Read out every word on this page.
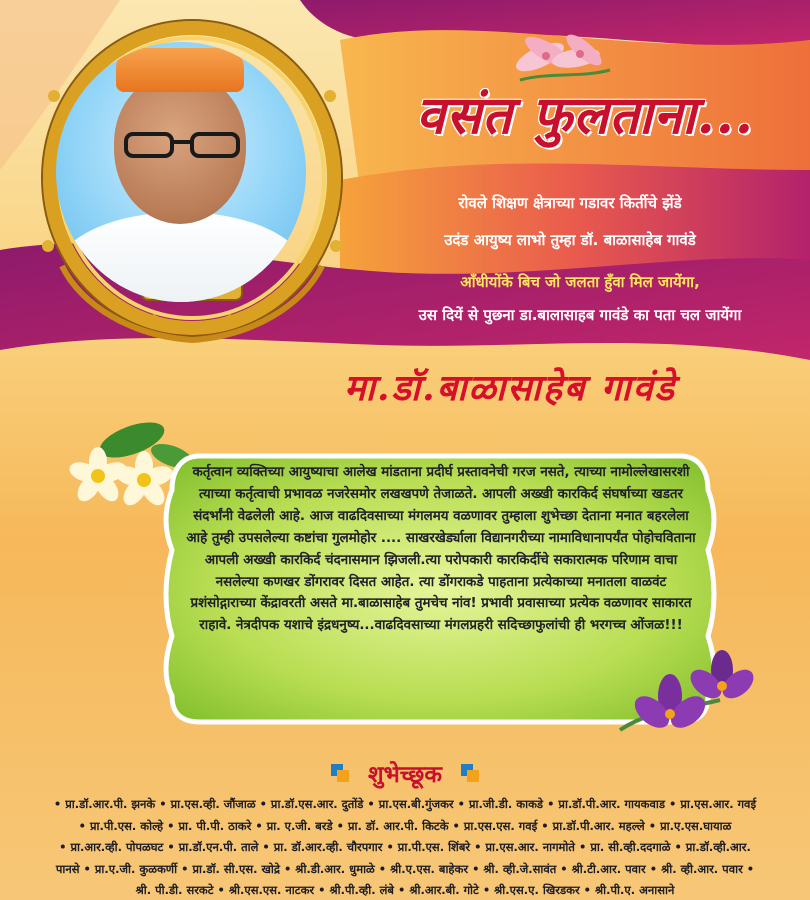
वसंत फुलताना...
रोवले शिक्षण क्षेत्राच्या गडावर किर्तीचे झेंडे
उदंड आयुष्य लाभो तुम्हा डॉ. बाळासाहेब गावंडे
आँधीयोंके बिच जो जलता हुँवा मिल जायेंगा,
उस दियें से पुछना डा.बालासाहब गावंडे का पता चल जायेंगा
मा.डॉ.बाळासाहेब गावंडे
कर्तृत्वान व्यक्तिच्या आयुष्याचा आलेख मांडताना प्रदीर्घ प्रस्तावनेची गरज नसते, त्याच्या नामोल्लेखासरशी त्याच्या कर्तृत्वाची प्रभावळ नजरेसमोर लखखपणे तेजाळते. आपली अख्खी कारकिर्द संघर्षाच्या खडतर संदर्भांनी वेढलेली आहे. आज वाढदिवसाच्या मंगलमय वळणावर तुम्हाला शुभेच्छा देताना मनात बहरलेला आहे तुम्ही उपसलेल्या कष्टांचा गुलमोहोर .... साखरखेर्ड्याला विद्यानगरीच्या नामाविधानापर्यंत पोहोचविताना आपली अख्खी कारकिर्द चंदनासमान झिजली.त्या परोपकारी कारकिर्दीचे सकारात्मक परिणाम वाचा नसलेल्या कणखर डोंगरावर दिसत आहेत. त्या डोंगराकडे पाहताना प्रत्येकाच्या मनातला वाळवंट प्रशंसोद्गाराच्या केंद्रावरती असते मा.बाळासाहेब तुमचेच नांव! प्रभावी प्रवासाच्या प्रत्येक वळणावर साकारत राहावे. नेत्रदीपक यशाचे इंद्रधनुष्य...वाढदिवसाच्या मंगलप्रहरी सदिच्छाफुलांची ही भरगच्च ओंजळ!!!
शुभेच्छूक
• प्रा.डॉ.आर.पी. झनके • प्रा.एस.व्ही. जौंजाळ • प्रा.डॉ.एस.आर. दुतोंडे • प्रा.एस.बी.गुंजकर • प्रा.जी.डी. काकडे • प्रा.डॉ.पी.आर. गायकवाड • प्रा.एस.आर. गवई
• प्रा.पी.एस. कोल्हे • प्रा. पी.पी. ठाकरे • प्रा. ए.जी. बरडे • प्रा. डॉ. आर.पी. किटके • प्रा.एस.एस. गवई • प्रा.डॉ.पी.आर. महल्ले • प्रा.ए.एस.घायाळ
• प्रा.आर.व्ही. पोपळघट • प्रा.डॉ.एन.पी. ताले • प्रा. डॉ.आर.व्ही. चौरपगार • प्रा.पी.एस. शिंबरे • प्रा.एस.आर. नागमोते • प्रा. सी.व्ही.ददगाळे • प्रा.डॉ.व्ही.आर.
पानसे • प्रा.ए.जी. कुळकर्णी • प्रा.डॉ. सी.एस. खोद्रे • श्री.डी.आर. धुमाळे • श्री.ए.एस. बाहेकर • श्री. व्ही.जे.सावंत • श्री.टी.आर. पवार • श्री. व्ही.आर. पवार •
श्री. पी.डी. सरकटे • श्री.एस.एस. नाटकर • श्री.पी.व्ही. लंबे • श्री.आर.बी. गोटे • श्री.एस.ए. खिरडकर • श्री.पी.ए. अनासाने
